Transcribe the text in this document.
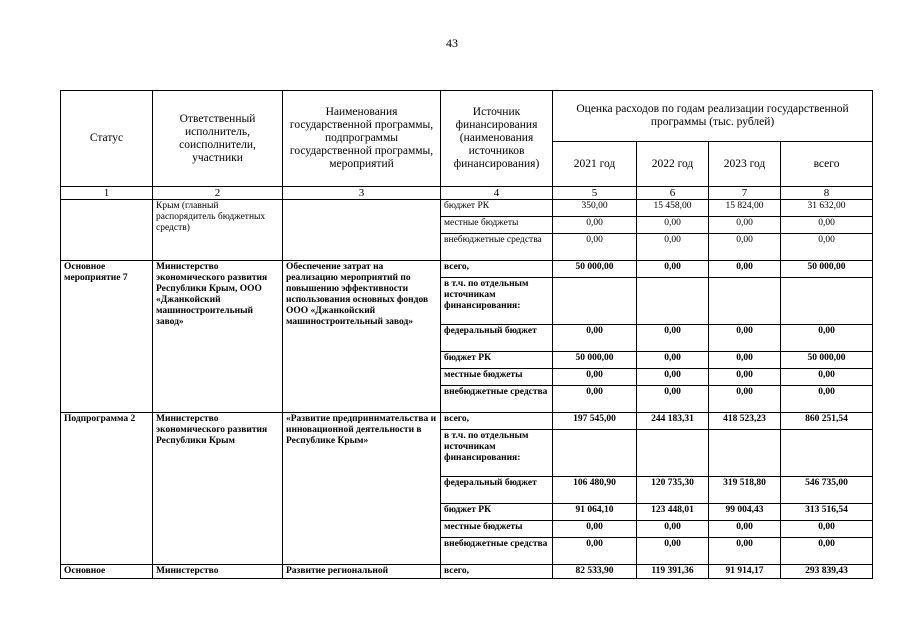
43
Статус	Ответственный исполнитель, соисполнители, участники	Наименования государственной программы, подпрограммы государственной программы, мероприятий	Источник финансирования (наименования источников финансирования)	Оценка расходов по годам реализации государственной программы (тыс. рублей)			
				2021 год	2022 год	2023 год	всего
1	2	3	4	5	6	7	8
	Крым (главный распорядитель бюджетных средств)		бюджет РК	350,00	15 458,00	15 824,00	31 632,00
			местные бюджеты	0,00	0,00	0,00	0,00
			внебюджетные средства	0,00	0,00	0,00	0,00
Основное мероприятие 7	Министерство экономического развития Республики Крым, ООО «Джанкойский машиностроительный завод»	Обеспечение затрат на реализацию мероприятий по повышению эффективности использования основных фондов ООО «Джанкойский машиностроительный завод»	всего,	50 000,00	0,00	0,00	50 000,00
			в т.ч. по отдельным источникам финансирования:				
			федеральный бюджет	0,00	0,00	0,00	0,00
			бюджет РК	50 000,00	0,00	0,00	50 000,00
			местные бюджеты	0,00	0,00	0,00	0,00
			внебюджетные средства	0,00	0,00	0,00	0,00
Подпрограмма 2	Министерство экономического развития Республики Крым	«Развитие предпринимательства и инновационной деятельности в Республике Крым»	всего,	197 545,00	244 183,31	418 523,23	860 251,54
			в т.ч. по отдельным источникам финансирования:				
			федеральный бюджет	106 480,90	120 735,30	319 518,80	546 735,00
			бюджет РК	91 064,10	123 448,01	99 004,43	313 516,54
			местные бюджеты	0,00	0,00	0,00	0,00
			внебюджетные средства	0,00	0,00	0,00	0,00
Основное	Министерство	Развитие региональной	всего,	82 533,90	119 391,36	91 914,17	293 839,43
